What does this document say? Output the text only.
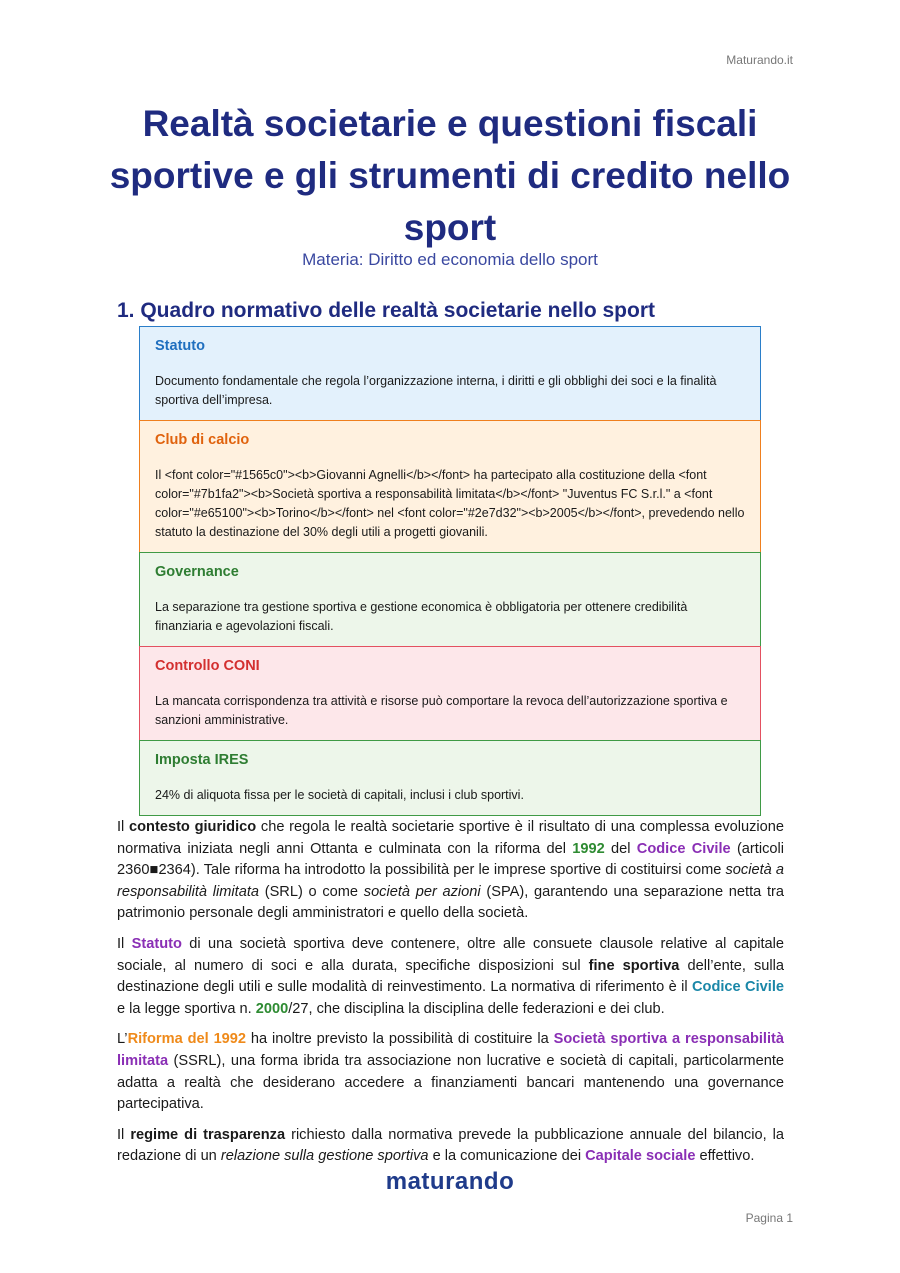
Maturando.it
Realtà societarie e questioni fiscali sportive e gli strumenti di credito nello sport
Materia: Diritto ed economia dello sport
1. Quadro normativo delle realtà societarie nello sport
Statuto
Documento fondamentale che regola l’organizzazione interna, i diritti e gli obblighi dei soci e la finalità sportiva dell’impresa.
Club di calcio
Il <font color="#1565c0"><b>Giovanni Agnelli</b></font> ha partecipato alla costituzione della <font color="#7b1fa2"><b>Società sportiva a responsabilità limitata</b></font> "Juventus FC S.r.l." a <font color="#e65100"><b>Torino</b></font> nel <font color="#2e7d32"><b>2005</b></font>, prevedendo nello statuto la destinazione del 30% degli utili a progetti giovanili.
Governance
La separazione tra gestione sportiva e gestione economica è obbligatoria per ottenere credibilità finanziaria e agevolazioni fiscali.
Controllo CONI
La mancata corrispondenza tra attività e risorse può comportare la revoca dell’autorizzazione sportiva e sanzioni amministrative.
Imposta IRES
24% di aliquota fissa per le società di capitali, inclusi i club sportivi.

Il contesto giuridico che regola le realtà societarie sportive è il risultato di una complessa evoluzione normativa iniziata negli anni Ottanta e culminata con la riforma del 1992 del Codice Civile (articoli 2360■2364). Tale riforma ha introdotto la possibilità per le imprese sportive di costituirsi come società a responsabilità limitata (SRL) o come società per azioni (SPA), garantendo una separazione netta tra patrimonio personale degli amministratori e quello della società.

Il Statuto di una società sportiva deve contenere, oltre alle consuete clausole relative al capitale sociale, al numero di soci e alla durata, specifiche disposizioni sul fine sportiva dell’ente, sulla destinazione degli utili e sulle modalità di reinvestimento. La normativa di riferimento è il Codice Civile e la legge sportiva n. 2000/27, che disciplina la disciplina delle federazioni e dei club.

L’Riforma del 1992 ha inoltre previsto la possibilità di costituire la Società sportiva a responsabilità limitata (SSRL), una forma ibrida tra associazione non lucrative e società di capitali, particolarmente adatta a realtà che desiderano accedere a finanziamenti bancari mantenendo una governance partecipativa.

Il regime di trasparenza richiesto dalla normativa prevede la pubblicazione annuale del bilancio, la redazione di un relazione sulla gestione sportiva e la comunicazione dei Capitale sociale effettivo.

maturando
Pagina 1
